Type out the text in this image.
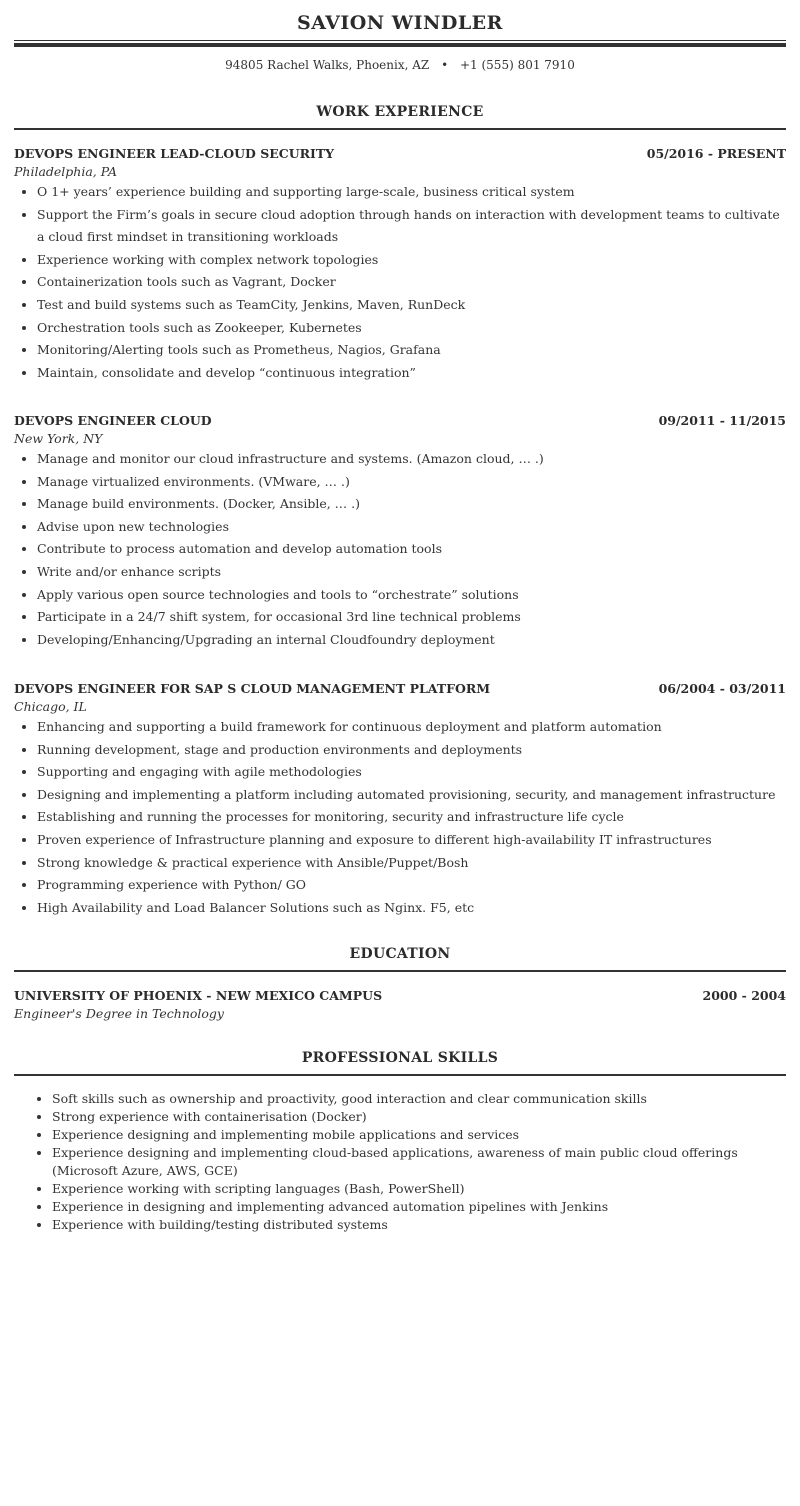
SAVION WINDLER
94805 Rachel Walks, Phoenix, AZ • +1 (555) 801 7910
WORK EXPERIENCE
DEVOPS ENGINEER LEAD-CLOUD SECURITY	05/2016 - PRESENT
Philadelphia, PA
• O 1+ years’ experience building and supporting large-scale, business critical system
• Support the Firm’s goals in secure cloud adoption through hands on interaction with development teams to cultivate a cloud first mindset in transitioning workloads
• Experience working with complex network topologies
• Containerization tools such as Vagrant, Docker
• Test and build systems such as TeamCity, Jenkins, Maven, RunDeck
• Orchestration tools such as Zookeeper, Kubernetes
• Monitoring/Alerting tools such as Prometheus, Nagios, Grafana
• Maintain, consolidate and develop “continuous integration”
DEVOPS ENGINEER CLOUD	09/2011 - 11/2015
New York, NY
• Manage and monitor our cloud infrastructure and systems. (Amazon cloud, … .)
• Manage virtualized environments. (VMware, … .)
• Manage build environments. (Docker, Ansible, … .)
• Advise upon new technologies
• Contribute to process automation and develop automation tools
• Write and/or enhance scripts
• Apply various open source technologies and tools to “orchestrate” solutions
• Participate in a 24/7 shift system, for occasional 3rd line technical problems
• Developing/Enhancing/Upgrading an internal Cloudfoundry deployment
DEVOPS ENGINEER FOR SAP S CLOUD MANAGEMENT PLATFORM	06/2004 - 03/2011
Chicago, IL
• Enhancing and supporting a build framework for continuous deployment and platform automation
• Running development, stage and production environments and deployments
• Supporting and engaging with agile methodologies
• Designing and implementing a platform including automated provisioning, security, and management infrastructure
• Establishing and running the processes for monitoring, security and infrastructure life cycle
• Proven experience of Infrastructure planning and exposure to different high-availability IT infrastructures
• Strong knowledge & practical experience with Ansible/Puppet/Bosh
• Programming experience with Python/ GO
• High Availability and Load Balancer Solutions such as Nginx. F5, etc
EDUCATION
UNIVERSITY OF PHOENIX - NEW MEXICO CAMPUS	2000 - 2004
Engineer's Degree in Technology
PROFESSIONAL SKILLS
• Soft skills such as ownership and proactivity, good interaction and clear communication skills
• Strong experience with containerisation (Docker)
• Experience designing and implementing mobile applications and services
• Experience designing and implementing cloud-based applications, awareness of main public cloud offerings (Microsoft Azure, AWS, GCE)
• Experience working with scripting languages (Bash, PowerShell)
• Experience in designing and implementing advanced automation pipelines with Jenkins
• Experience with building/testing distributed systems
